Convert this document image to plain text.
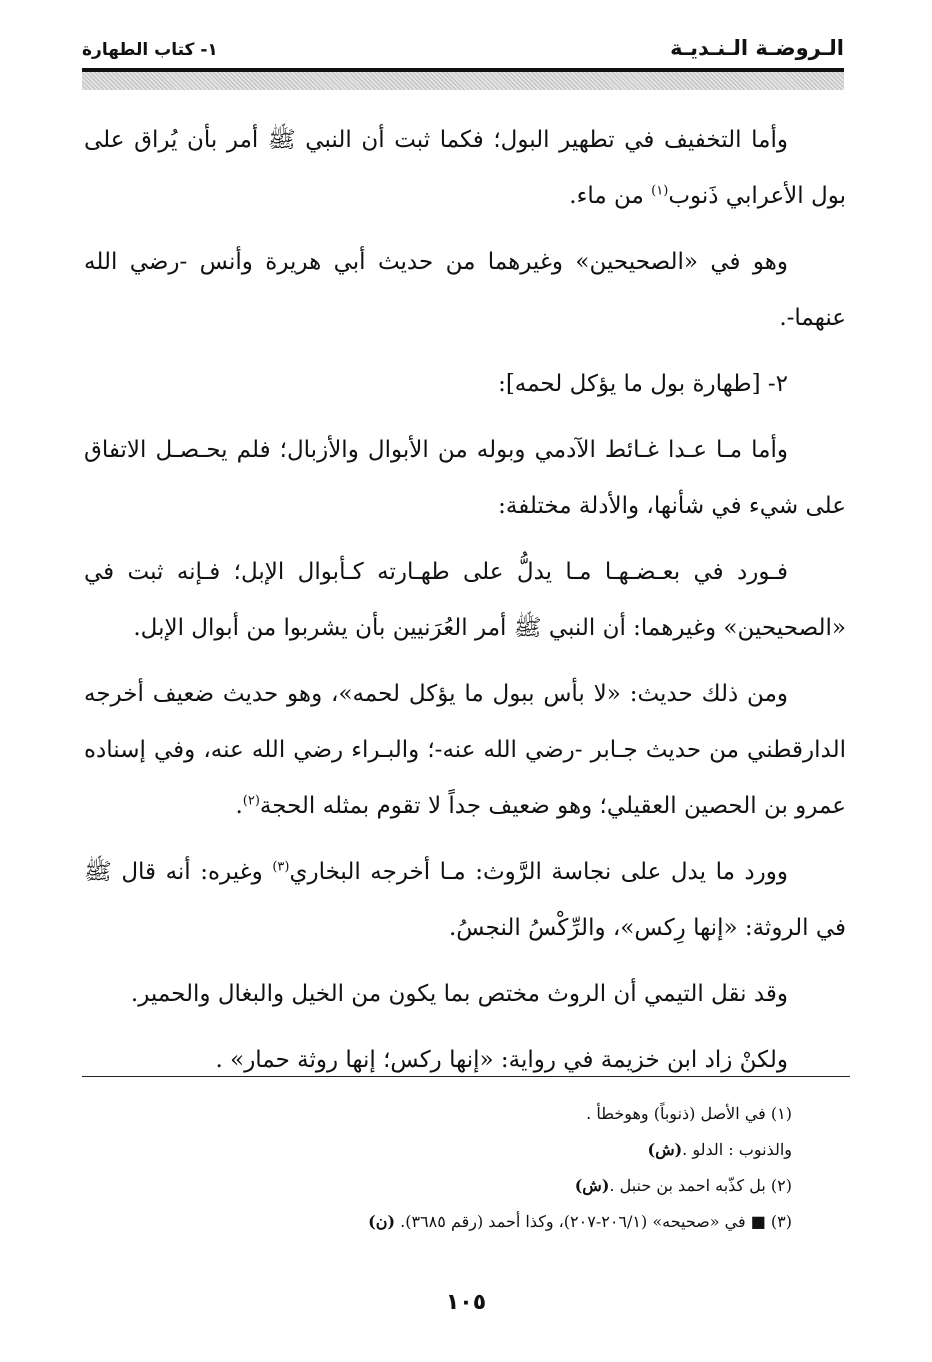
الـروضـة الـنـديـة
١- كتاب الطهارة

وأما التخفيف في تطهير البول؛ فكما ثبت أن النبي ﷺ أمر بأن يُراق على بول الأعرابي ذَنوب$^{(١)}$ من ماء.

وهو في «الصحيحين» وغيرهما من حديث أبي هريرة وأنس -رضي الله عنهما-.

٢- [طهارة بول ما يؤكل لحمه]:

وأما مـا عـدا غـائط الآدمي وبوله من الأبوال والأزبال؛ فلم يحـصـل الاتفاق على شيء في شأنها، والأدلة مختلفة:

فـورد في بعـضـهـا مـا يدلُّ على طهـارته كـأبوال الإبل؛ فـإنه ثبت في «الصحيحين» وغيرهما: أن النبي ﷺ أمر العُرَنيين بأن يشربوا من أبوال الإبل.

ومن ذلك حديث: «لا بأس ببول ما يؤكل لحمه»، وهو حديث ضعيف أخرجه الدارقطني من حديث جـابر -رضي الله عنه-؛ والبـراء رضي الله عنه، وفي إسناده عمرو بن الحصين العقيلي؛ وهو ضعيف جداً لا تقوم بمثله الحجة$^{(٢)}$.

وورد ما يدل على نجاسة الرَّوث: مـا أخرجه البخاري$^{(٣)}$ وغيره: أنه قال ﷺ في الروثة: «إنها رِكس»، والرِّكْسُ النجسُ.

وقد نقل التيمي أن الروث مختص بما يكون من الخيل والبغال والحمير.

ولكنْ زاد ابن خزيمة في رواية: «إنها ركس؛ إنها روثة حمار» .

(١) في الأصل (ذنوباً) وهوخطأ .

والذنوب : الدلو .(ش)

(٢) بل كذّبه احمد بن حنبل .(ش)

(٣) ■ في «صحيحه» (٢٠٦/١-٢٠٧)، وكذا أحمد (رقم ٣٦٨٥). (ن)

١٠٥
